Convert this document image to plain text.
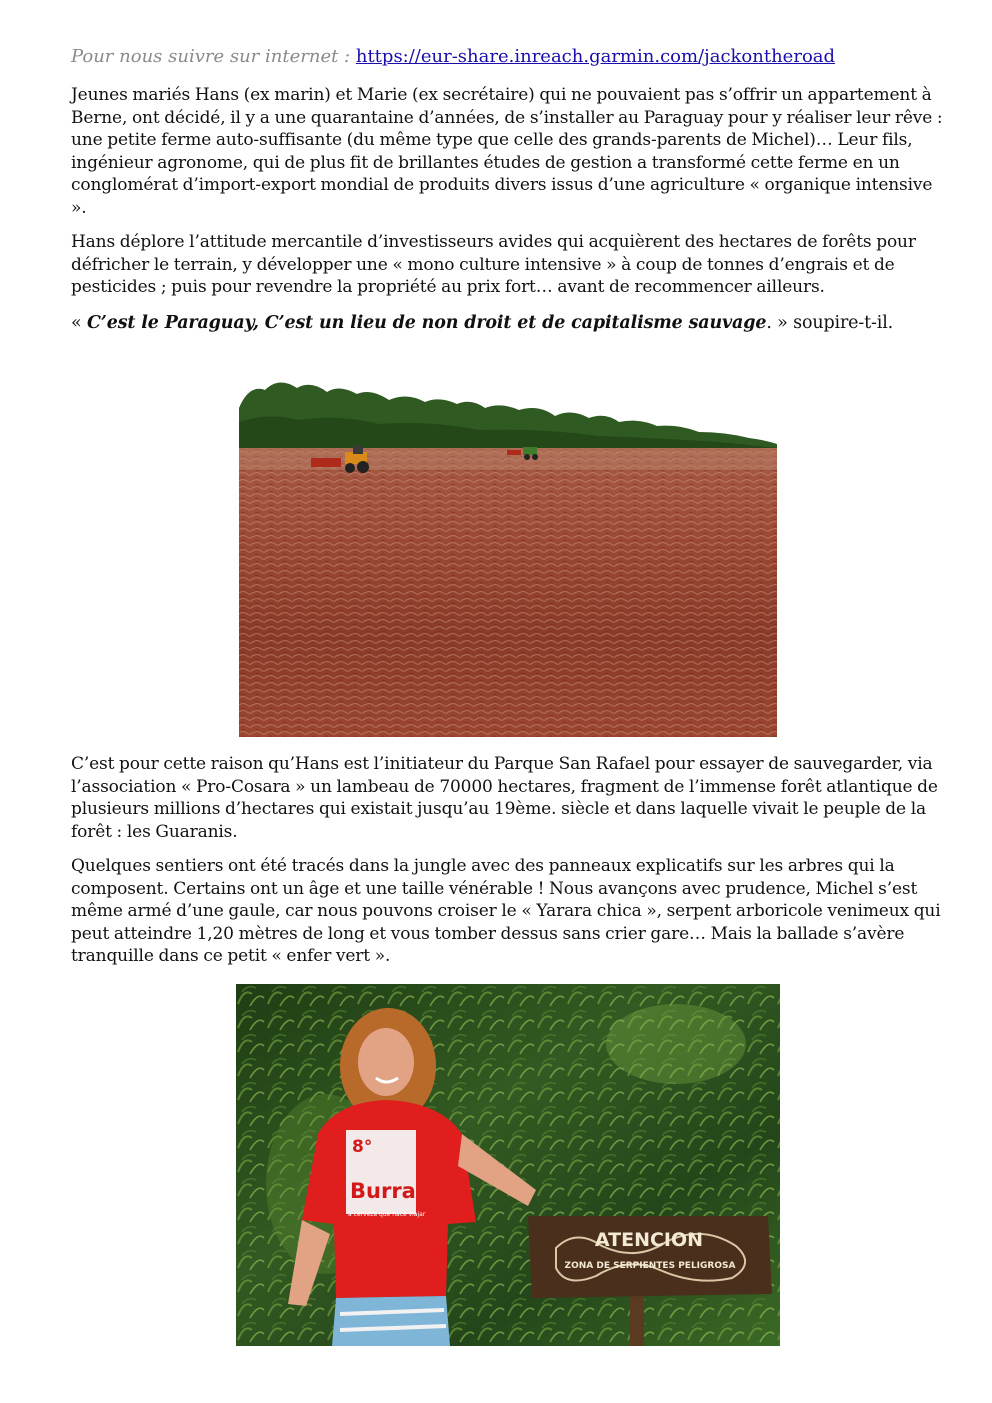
Pour nous suivre sur internet : https://eur-share.inreach.garmin.com/jackontheroad

Jeunes mariés Hans (ex marin) et Marie (ex secrétaire) qui ne pouvaient pas s’offrir un appartement à Berne, ont décidé, il y a une quarantaine d’années, de s’installer au Paraguay pour y réaliser leur rêve : une petite ferme auto-suffisante (du même type que celle des grands-parents de Michel)… Leur fils, ingénieur agronome, qui de plus fit de brillantes études de gestion a transformé cette ferme en un conglomérat d’import-export mondial de produits divers issus d’une agriculture « organique intensive ».

Hans déplore l’attitude mercantile d’investisseurs avides qui acquièrent des hectares de forêts pour défricher le terrain, y développer une « mono culture intensive » à coup de tonnes d’engrais et de pesticides ; puis pour revendre la propriété au prix fort… avant de recommencer ailleurs.

« C’est le Paraguay, C’est un lieu de non droit et de capitalisme sauvage. » soupire-t-il.

C’est pour cette raison qu’Hans est l’initiateur du Parque San Rafael pour essayer de sauvegarder, via l’association « Pro-Cosara » un lambeau de 70000 hectares, fragment de l’immense forêt atlantique de plusieurs millions d’hectares qui existait jusqu’au 19ème. siècle et dans laquelle vivait le peuple de la forêt : les Guaranis.

Quelques sentiers ont été tracés dans la jungle avec des panneaux explicatifs sur les arbres qui la composent. Certains ont un âge et une taille vénérable ! Nous avançons avec prudence, Michel s’est même armé d’une gaule, car nous pouvons croiser le « Yarara chica », serpent arboricole venimeux qui peut atteindre 1,20 mètres de long et vous tomber dessus sans crier gare… Mais la ballade s’avère tranquille dans ce petit « enfer vert ».

8°
Burra
a cerveza que hace viajar
ATENCION
ZONA DE SERPIENTES PELIGROSA
